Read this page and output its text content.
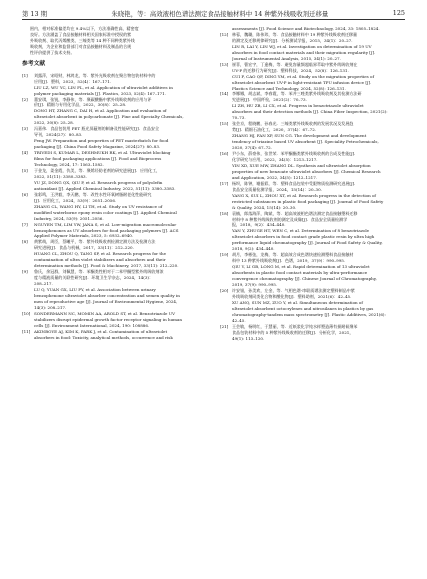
第 13 期	朱晓艳，等：高效液相色谱法测定食品接触材料中 14 种紫外线吸收剂迁移量	125
围内，相对标准偏差均在 9.4%以下，方法准确性高、精密度
良好。方法涵盖了食品接触材料相关国家标准中授权的紫
外吸收剂、取代丙烯酸类、三嗪类等 14 种不同种类紫外线
吸收剂，为企业和监督部门对食品接触材料及制品的合规
性评价提供了技术支持。
参考文献
[1] 刘露萍，宋昭财，林鸿龙，等．紫外光吸收剂在聚合物包装材料中的
应用[J]．塑料，2023，52(4)：167–171.
LIU LZ, WU YC, LIN FL, et al. Application of ultraviolet additives in
polymer packaging materials [J]. Plastics, 2023, 52(4): 167–171.
[2] 董安琪，张锐，李静伟，等．聚碳酸酯中紫外线吸收剂的应用与评
价[J]．精细与专用化学品，2022，30(8)：25–28.
DONG HT, ZHANG C, DAI H, et al. Application and evaluation of
ultraviolet absorbent in polycarbonate [J]. Fine and Specialty Chemicals,
2022, 30(8): 25–28.
[3] 冯嘉伟．食品包装用 PET 瓶光屏蔽剂的制备及性能研究[J]．食品安全
导刊，2024(27)：80–83.
Feng JW. Preparation and properties of PET masterbatch for food
packaging [J]. China Food Safety Magazine, 2024(27): 80–83.
[4] TRIVEDI S, KUMAR L, DESHMUKH RK, et al. Ultraviolet blocking
films for food packaging applications [J]. Food and Bioprocess
Technology, 2024, 17: 1563–1582.
[5] 于金龙，姜金霞，仇美，等．聚烯烃防老剂的研究进展[J]．应用化工，
2022, 51(11): 3380–3383.
YU JZ, DONG QX, QIU P, et al. Research progress of polyolefin
antioxidant [J]. Applied Chemical Industry, 2022, 51(11): 3380–3383.
[6] 张彩鸣，王洪毅，李天鹏，等．改性水性环氧树脂耐老化性能研究
[J]．应用化工，2024，53(9)：2051–2056.
ZHANG CL, WANG HY, LI TH, et al. Study on UV resistance of
modified waterborne epoxy resin color coatings [J]. Applied Chemical
Industry, 2024, 53(9): 2051–2056.
[7] NGUYEN TM, LIM YW, JANA S, et al. Low-migration macromolecular
benzophenones as UV absorbers for food packaging polymers [J]. ACS
Applied Polymer Materials, 2023, 5: 6932–6940.
[8] 黄紫萌，周臣，蔡曦平，等．紫外线吸收剂检测定测方法及检测方法
研究进展[J]．食品与机械，2017，33(11)：212–220.
HUANG CL, ZHOU Q, TANG SP, et al. Research progress for the
contamination of ultra violet stabilizers and absorbers and their
determination methods [J]. Food & Machinery, 2017, 33(11): 212–220.
[9] 鲁氏，余冠群，刘佩慧，等．苯酮类性相对于二苯甲酮型紫外线吸收剂浓
度与精液质量的关联性研究[J]．环境卫生学杂志，2024，14(3)：
208–217.
LU Q, YUAN GX, LIU PY, et al. Association between urinary
benzophenone ultraviolet absorber concentration and semen quality in
men of reproductive age [J]. Journal of Environmental Hygiene, 2024,
14(3): 208–217.
[10] SONDERMANN NC, MOMIN AA, AROLD ST, et al. Benzotriazole UV
stabilizers disrupt epidermal growth factor receptor signaling in human
cells [J]. Environment International, 2024, 190: 108886.
[11] AKINBOYE AJ, KIM K, PARK J, et al. Contamination of ultraviolet
absorbers in food: Toxicity, analytical methods, occurrence and risk
assessments [J]. Food Science and Biotechnology, 2024, 33: 1805–1824.
[12] 林蓉，魏璐，陈伟玮，等．食品接触材料中 19 种紫外线吸收剂迁移量
的测定及迁移规律研究[J]．分析测试学报，2015，34(1)：20–27.
LIN R, LAI Y, LIN WJ, et al. Investigation on determination of 19 UV
absorbers in food contact materials and their migration regularity [J].
Journal of Instrumental Analysis, 2015, 34(1): 20–27.
[13] 崔菲，曹宏宇，丁逢梅，等．避免容量频超临界萃取中紫外线吸收剂在
UV-P 的迁移行为研究[J]．塑料科技，2024，52(8)：126–131.
CUI F, CAO QF, DING YM, et al. Study on the migration properties of
ultraviolet absorbent UV-P in light-resistant TPU infusion device [J].
Plastics Science and Technology, 2024, 52(8): 126–131.
[14] 李娜娜，胡志斌，李春霞，等．苯并三唑类紫外线吸收剂及其检测方法研
究进展[J]．中国纤检，2021(2)：70–73.
LI ZH, HU ZB, LI CX, et al. Progress in benzotriazole ultraviolet
absorbers and their detection methods [J]. China Fiber Inspection, 2021(2):
70–73.
[15] 张会京，程晓鹏，孙春光．三嗪类紫外线吸收剂的发展状况及发展趋
势[J]．精细石油化工，2020，37(4)：67–72.
ZHANG HJ, FAN XP, SUN CG. The development and development
tendency of triazine based UV absorbent [J]. Speciality Petrochemicals,
2020, 37(4): 67–72.
[16] 尹小东，薛豪伟，张世荣．苯甲酮酯类紫外线吸收剂的合成及性能[J]．
化学研究与应用，2022，34(5)：1213–1217.
YIN XD, XUE MW, ZHANG DL. Synthesis and ultraviolet absorption
properties of new benzoate ultraviolet absorbers [J]. Chemical Research
and Application, 2022, 34(5): 1212–1217.
[17] 杨坝，陈钟，谢振彩，等．塑料食品包装中受限物质检测研究进展[J]．
食品安全质量检测学报，2024，15(14)：20–30.
YANG X, SUI L, ZHOU XT, et al. Research progress in the detection of
restricted substances in plastic food packaging [J]. Journal of Food Safety
& Quality, 2024, 15(14): 20–30.
[18] 袁楠，郎落海萍，陶斌，等．超高效液相色谱法测定食品接触塑料迁移
材料中 8 种紫外线吸收剂的测定及成像[J]．食品安全质量检测学
报，2018，9(2)：434–440.
YAN Y, ZHUGE HT, WEN C, et al. Determination of 8 benzotriazole
ultraviolet absorbers in food contact grade plastic resin by ultra high
performance liquid chromatography [J]. Journal of Food Safety & Quality,
2018, 9(2): 434–440.
[19] 胡月，李彬弦，龙梅，等．超高效合成色谱快速检测塑料食品接触材
料中 13 种紫外线吸收剂[J]．色谱，2019，37(9)：990–995.
QIU Y, LI GB, LONG M, et al. Rapid determination of 13 ultraviolet
absorbents in plastic food contact materials by ultra-performance
convergence chromatography [J]. Chinese Journal of Chromatography,
2019, 37(9): 990–995.
[20] 许安银，孙美欢，左金，等．气相色谱-串联质谱法测定塑料制品中紫
外线吸收剂同类化合物和酸化物[J]．塑料助剂，2021(6)：42–45.
XU ANQ, SUN MZ, ZUO Y, et al. Simultaneous determination of
ultraviolet absorbent octocrylenes and nitrosilanes in plastics by gas
chromatography-tandem mass spectrometry [J]. Plastic Additives, 2021(6):
42–45.
[21] 王会敏，杨明红，于慧丽，等．近纸浆化学纯水样塑造薄有损耐候聚苯
食品包装材料中的 5 种紫外线吸收剂的迁移[J]．分析化学，2021，
49(1): 113–120.
